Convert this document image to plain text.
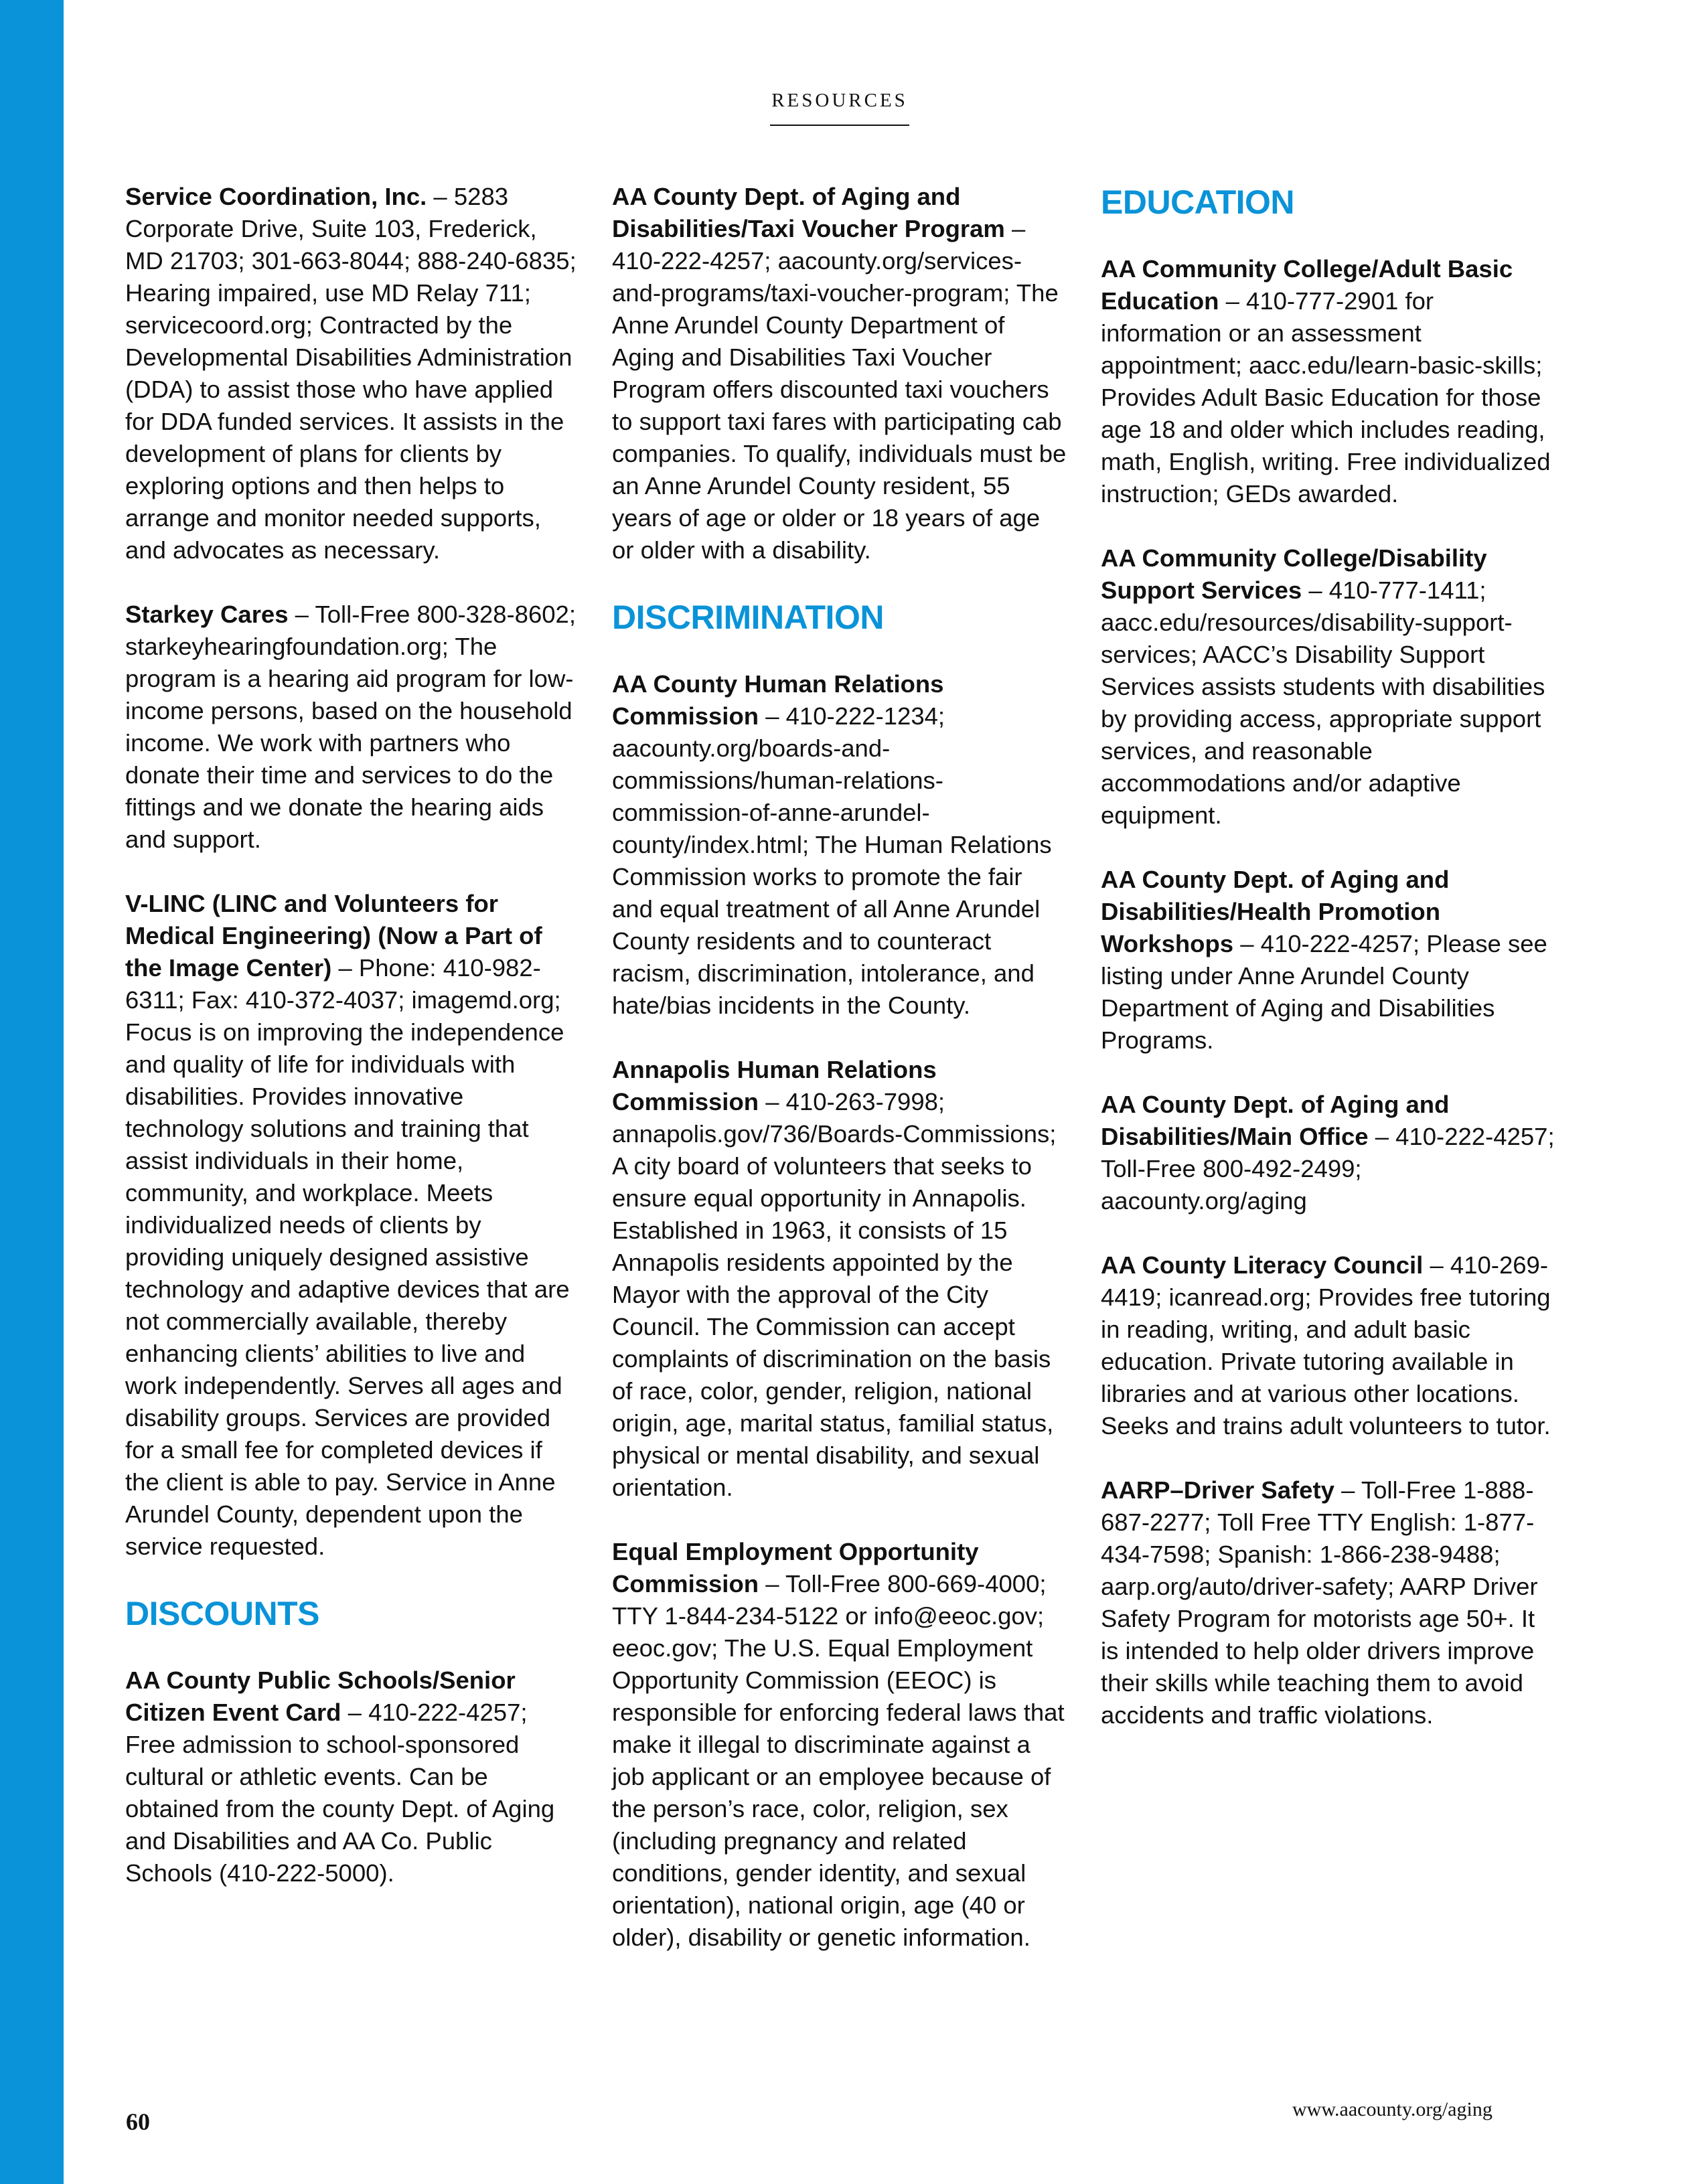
RESOURCES

Service Coordination, Inc. – 5283 Corporate Drive, Suite 103, Frederick, MD 21703; 301-663-8044; 888-240-6835; Hearing impaired, use MD Relay 711; servicecoord.org; Contracted by the Developmental Disabilities Administration (DDA) to assist those who have applied for DDA funded services. It assists in the development of plans for clients by exploring options and then helps to arrange and monitor needed supports, and advocates as necessary.

Starkey Cares – Toll-Free 800-328-8602; starkeyhearingfoundation.org; The program is a hearing aid program for low-income persons, based on the household income. We work with partners who donate their time and services to do the fittings and we donate the hearing aids and support.

V-LINC (LINC and Volunteers for Medical Engineering) (Now a Part of the Image Center) – Phone: 410-982-6311; Fax: 410-372-4037; imagemd.org; Focus is on improving the independence and quality of life for individuals with disabilities. Provides innovative technology solutions and training that assist individuals in their home, community, and workplace. Meets individualized needs of clients by providing uniquely designed assistive technology and adaptive devices that are not commercially available, thereby enhancing clients’ abilities to live and work independently. Serves all ages and disability groups. Services are provided for a small fee for completed devices if the client is able to pay. Service in Anne Arundel County, dependent upon the service requested.

DISCOUNTS

AA County Public Schools/Senior Citizen Event Card – 410-222-4257; Free admission to school-sponsored cultural or athletic events. Can be obtained from the county Dept. of Aging and Disabilities and AA Co. Public Schools (410-222-5000).

AA County Dept. of Aging and Disabilities/Taxi Voucher Program – 410-222-4257; aacounty.org/services-and-programs/taxi-voucher-program; The Anne Arundel County Department of Aging and Disabilities Taxi Voucher Program offers discounted taxi vouchers to support taxi fares with participating cab companies. To qualify, individuals must be an Anne Arundel County resident, 55 years of age or older or 18 years of age or older with a disability.

DISCRIMINATION

AA County Human Relations Commission – 410-222-1234; aacounty.org/boards-and-commissions/human-relations-commission-of-anne-arundel-county/index.html; The Human Relations Commission works to promote the fair and equal treatment of all Anne Arundel County residents and to counteract racism, discrimination, intolerance, and hate/bias incidents in the County.

Annapolis Human Relations Commission – 410-263-7998; annapolis.gov/736/Boards-Commissions; A city board of volunteers that seeks to ensure equal opportunity in Annapolis. Established in 1963, it consists of 15 Annapolis residents appointed by the Mayor with the approval of the City Council. The Commission can accept complaints of discrimination on the basis of race, color, gender, religion, national origin, age, marital status, familial status, physical or mental disability, and sexual orientation.

Equal Employment Opportunity Commission – Toll-Free 800-669-4000; TTY 1-844-234-5122 or info@eeoc.gov; eeoc.gov; The U.S. Equal Employment Opportunity Commission (EEOC) is responsible for enforcing federal laws that make it illegal to discriminate against a job applicant or an employee because of the person’s race, color, religion, sex (including pregnancy and related conditions, gender identity, and sexual orientation), national origin, age (40 or older), disability or genetic information.

EDUCATION

AA Community College/Adult Basic Education – 410-777-2901 for information or an assessment appointment; aacc.edu/learn-basic-skills; Provides Adult Basic Education for those age 18 and older which includes reading, math, English, writing. Free individualized instruction; GEDs awarded.

AA Community College/Disability Support Services – 410-777-1411; aacc.edu/resources/disability-support-services; AACC’s Disability Support Services assists students with disabilities by providing access, appropriate support services, and reasonable accommodations and/or adaptive equipment.

AA County Dept. of Aging and Disabilities/Health Promotion Workshops – 410-222-4257; Please see listing under Anne Arundel County Department of Aging and Disabilities Programs.

AA County Dept. of Aging and Disabilities/Main Office – 410-222-4257; Toll-Free 800-492-2499; aacounty.org/aging

AA County Literacy Council – 410-269-4419; icanread.org; Provides free tutoring in reading, writing, and adult basic education. Private tutoring available in libraries and at various other locations. Seeks and trains adult volunteers to tutor.

AARP–Driver Safety – Toll-Free 1-888-687-2277; Toll Free TTY English: 1-877-434-7598; Spanish: 1-866-238-9488; aarp.org/auto/driver-safety; AARP Driver Safety Program for motorists age 50+. It is intended to help older drivers improve their skills while teaching them to avoid accidents and traffic violations.

60	www.aacounty.org/aging
